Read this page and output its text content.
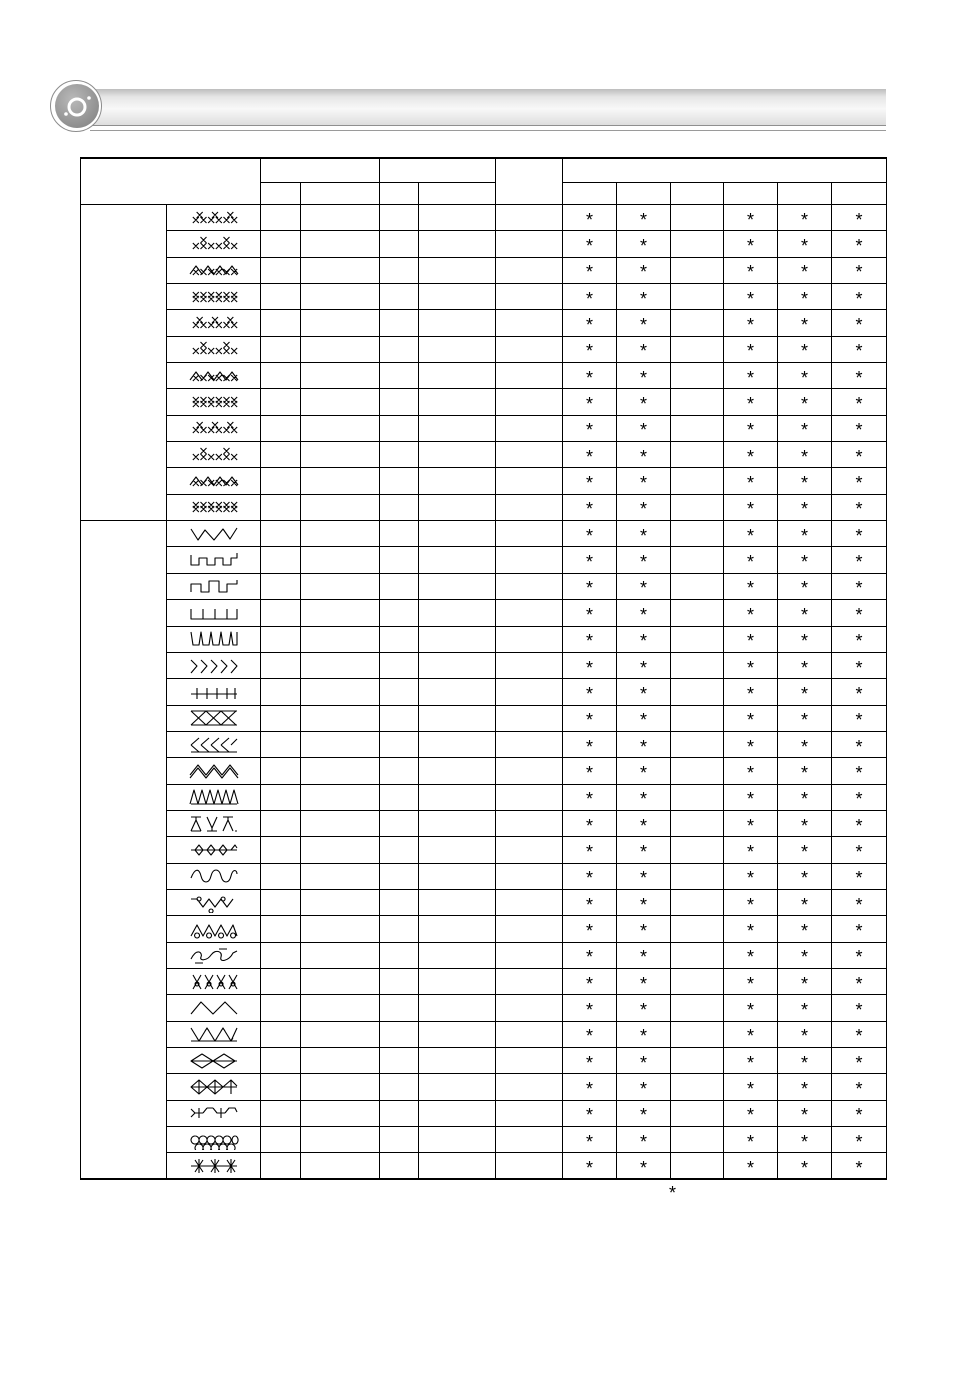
						*	*		*	*	*

						*	*		*	*	*

						*	*		*	*	*

						*	*		*	*	*

						*	*		*	*	*

						*	*		*	*	*

						*	*		*	*	*

						*	*		*	*	*

						*	*		*	*	*

						*	*		*	*	*

						*	*		*	*	*

						*	*		*	*	*

						*	*		*	*	*

						*	*		*	*	*

						*	*		*	*	*

						*	*		*	*	*

						*	*		*	*	*

						*	*		*	*	*

						*	*		*	*	*

						*	*		*	*	*

						*	*		*	*	*

						*	*		*	*	*

						*	*		*	*	*

						*	*		*	*	*

						*	*		*	*	*

						*	*		*	*	*

						*	*		*	*	*

						*	*		*	*	*

						*	*		*	*	*

						*	*		*	*	*

						*	*		*	*	*

						*	*		*	*	*

						*	*		*	*	*

						*	*		*	*	*

						*	*		*	*	*

						*	*		*	*	*

						*	*		*	*	*
*
